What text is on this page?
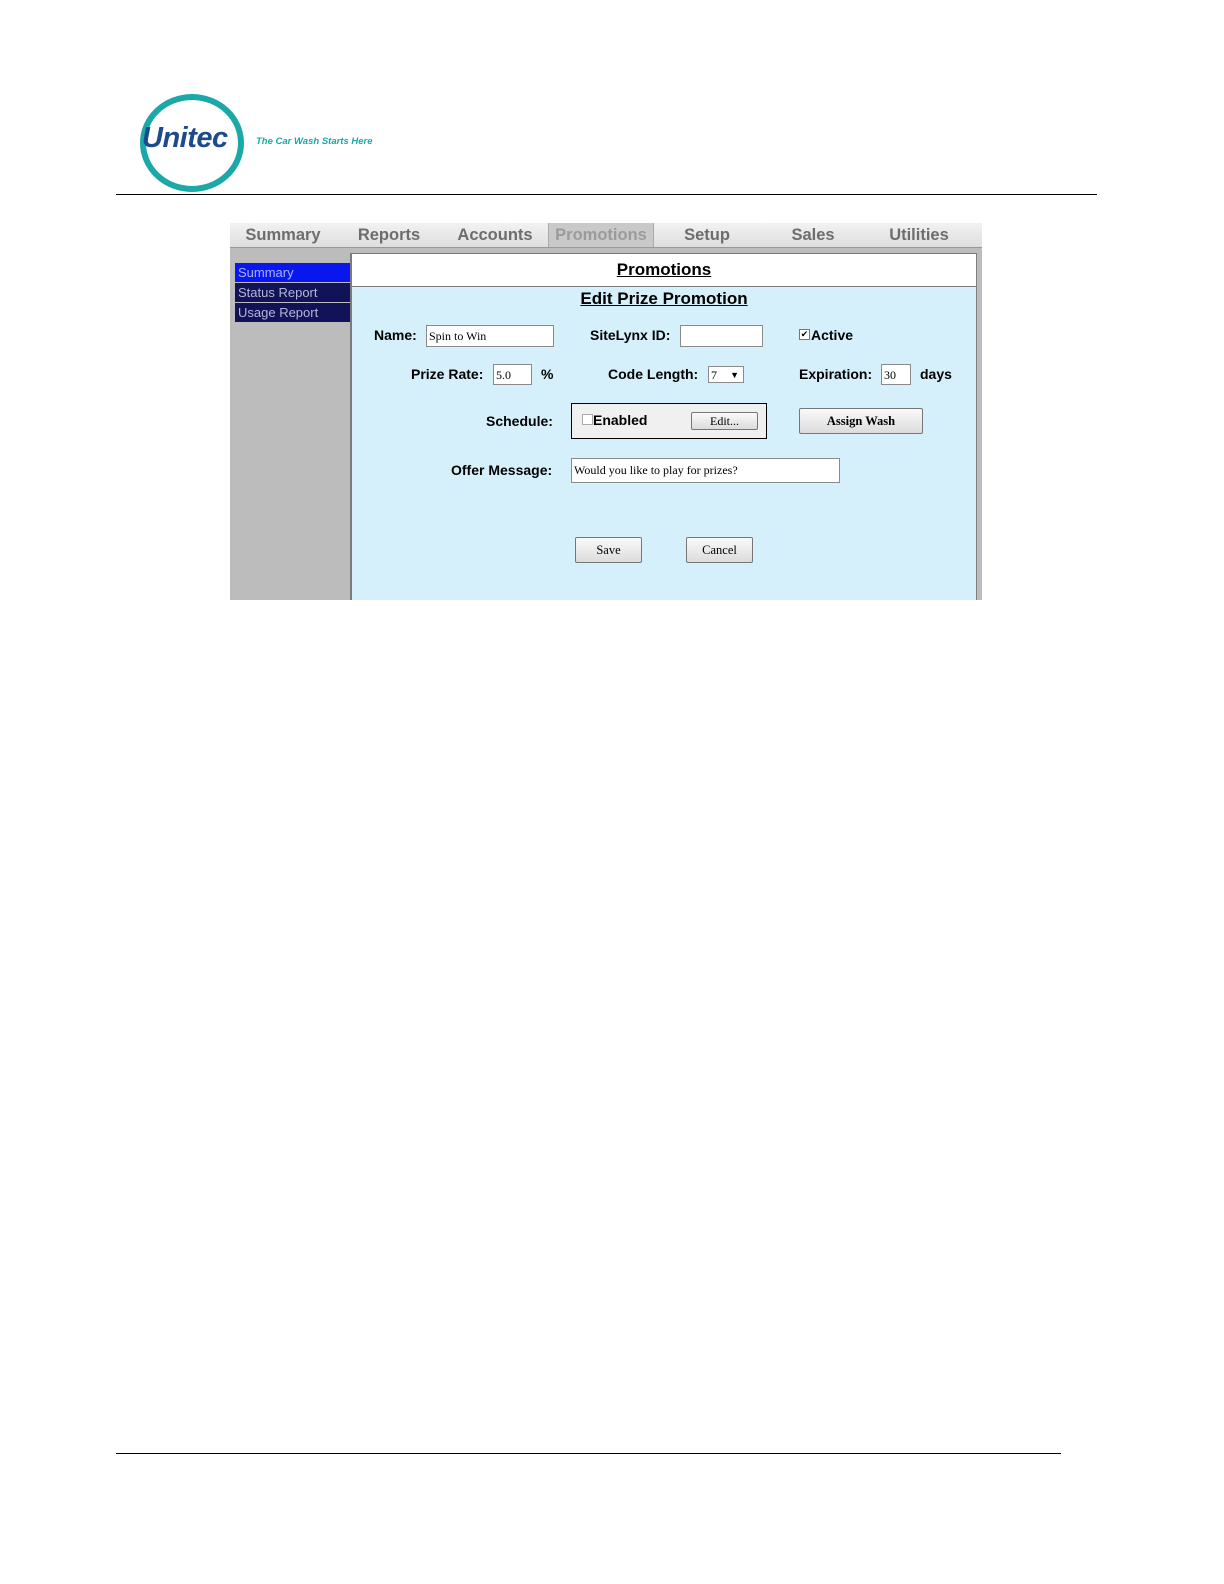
Unitec	The Car Wash Starts Here
Summary	Reports	Accounts	Promotions	Setup	Sales	Utilities
Summary
Status Report
Usage Report
Promotions
Edit Prize Promotion
Name: Spin to Win	SiteLynx ID:	✔ Active
Prize Rate: 5.0	%	Code Length: 7 ▼	Expiration: 30	days
Schedule:	Enabled	Edit...	Assign Wash
Offer Message: Would you like to play for prizes?
Save	Cancel
